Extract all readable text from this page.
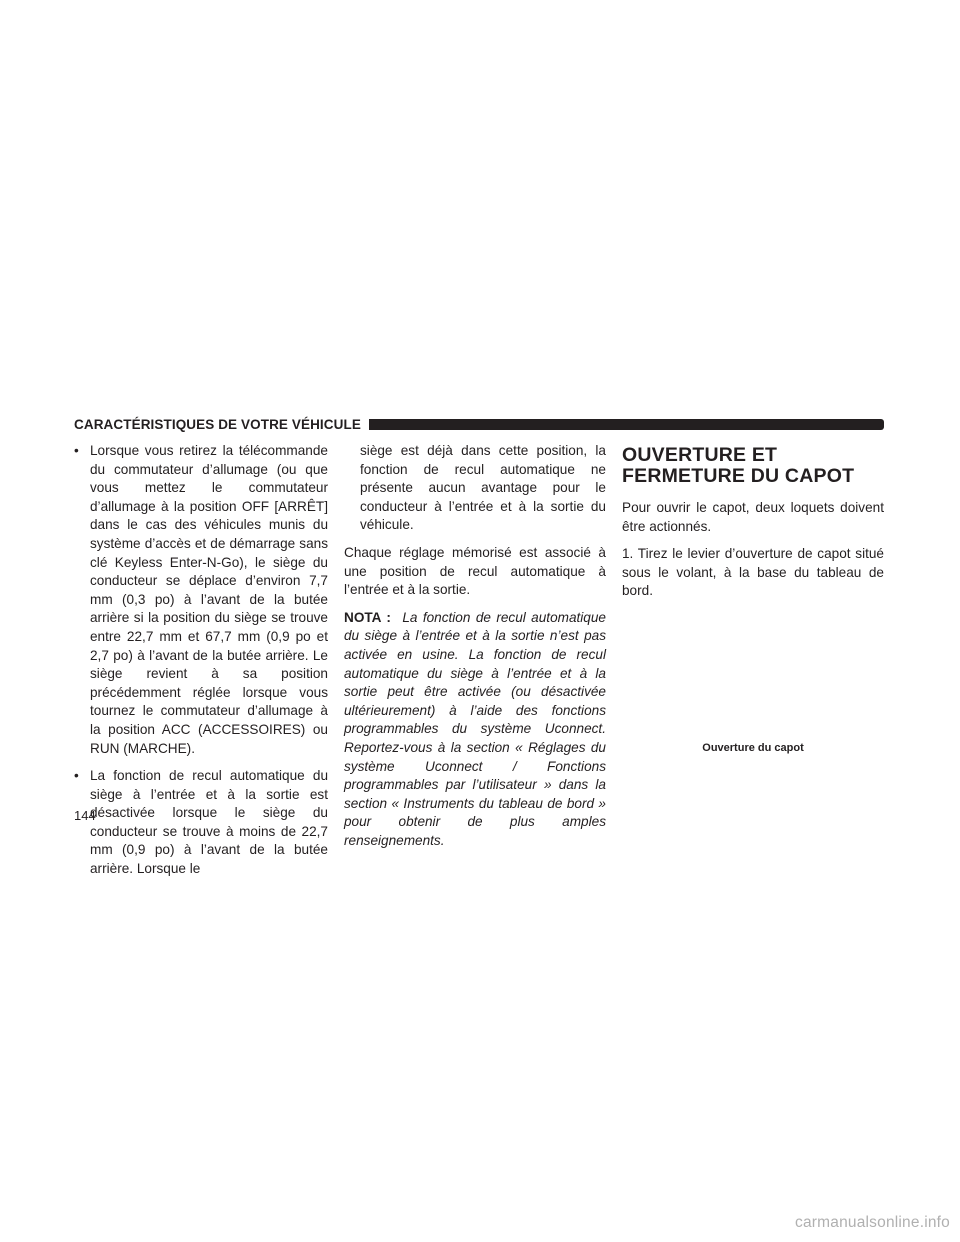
CARACTÉRISTIQUES DE VOTRE VÉHICULE
• Lorsque vous retirez la télécommande du commutateur d’allumage (ou que vous mettez le commutateur d’allumage à la position OFF [ARRÊT] dans le cas des véhicules munis du système d’accès et de démarrage sans clé Keyless Enter-N-Go), le siège du conducteur se déplace d’environ 7,7 mm (0,3 po) à l’avant de la butée arrière si la position du siège se trouve entre 22,7 mm et 67,7 mm (0,9 po et 2,7 po) à l’avant de la butée arrière. Le siège revient à sa position précédemment réglée lorsque vous tournez le commutateur d’allumage à la position ACC (ACCESSOIRES) ou RUN (MARCHE).
• La fonction de recul automatique du siège à l’entrée et à la sortie est désactivée lorsque le siège du conducteur se trouve à moins de 22,7 mm (0,9 po) à l’avant de la butée arrière. Lorsque le

siège est déjà dans cette position, la fonction de recul automatique ne présente aucun avantage pour le conducteur à l’entrée et à la sortie du véhicule.

Chaque réglage mémorisé est associé à une position de recul automatique à l’entrée et à la sortie.

NOTA : La fonction de recul automatique du siège à l’entrée et à la sortie n’est pas activée en usine. La fonction de recul automatique du siège à l’entrée et à la sortie peut être activée (ou désactivée ultérieurement) à l’aide des fonctions programmables du système Uconnect. Reportez-vous à la section « Réglages du système Uconnect / Fonctions programmables par l’utilisateur » dans la section « Instruments du tableau de bord » pour obtenir de plus amples renseignements.

OUVERTURE ET FERMETURE DU CAPOT

Pour ouvrir le capot, deux loquets doivent être actionnés.

1. Tirez le levier d’ouverture de capot situé sous le volant, à la base du tableau de bord.

Ouverture du capot
144
carmanualsonline.info
